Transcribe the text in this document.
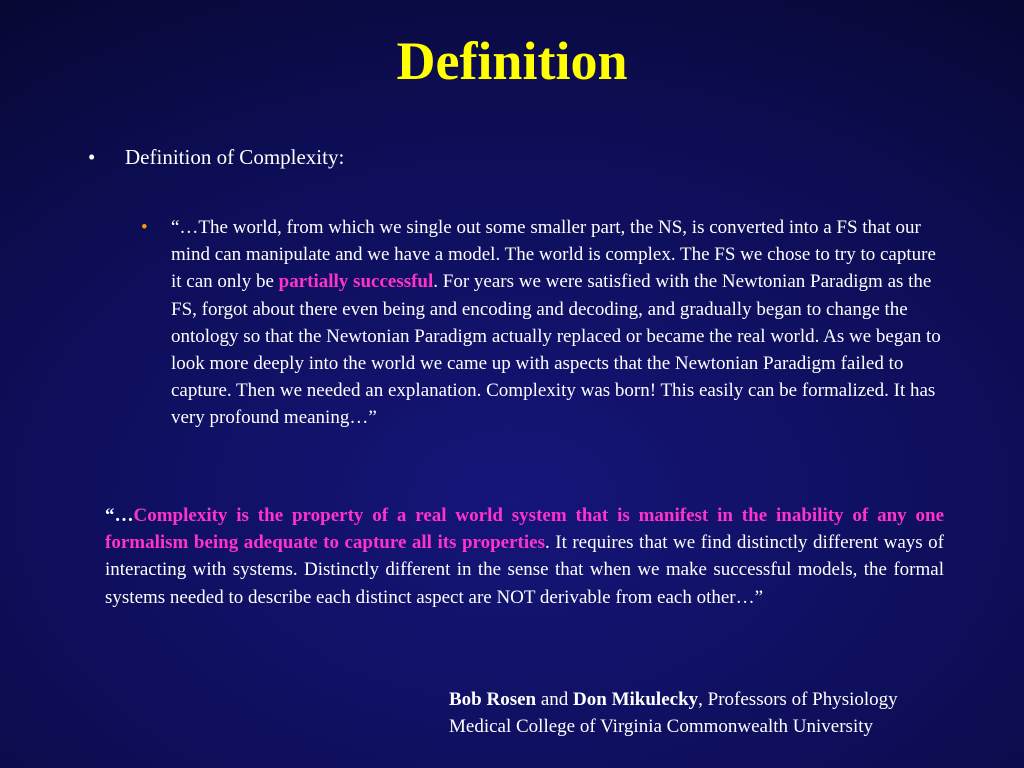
Definition
• Definition of Complexity:
• “…The world, from which we single out some smaller part, the NS, is converted into a FS that our mind can manipulate and we have a model. The world is complex. The FS we chose to try to capture it can only be partially successful. For years we were satisfied with the Newtonian Paradigm as the FS, forgot about there even being and encoding and decoding, and gradually began to change the ontology so that the Newtonian Paradigm actually replaced or became the real world. As we began to look more deeply into the world we came up with aspects that the Newtonian Paradigm failed to capture. Then we needed an explanation. Complexity was born! This easily can be formalized. It has very profound meaning…”
“…Complexity is the property of a real world system that is manifest in the inability of any one formalism being adequate to capture all its properties. It requires that we find distinctly different ways of interacting with systems. Distinctly different in the sense that when we make successful models, the formal systems needed to describe each distinct aspect are NOT derivable from each other…”
Bob Rosen and Don Mikulecky, Professors of Physiology
Medical College of Virginia Commonwealth University
